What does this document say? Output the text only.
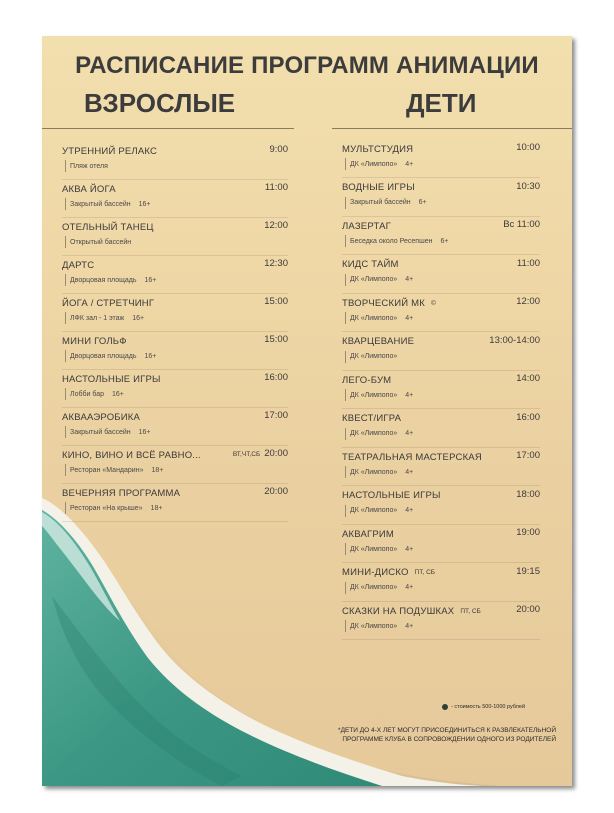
РАСПИСАНИЕ ПРОГРАММ АНИМАЦИИ
ВЗРОСЛЫЕ	ДЕТИ
УТРЕННИЙ РЕЛАКС	9:00
Пляж отеля
АКВА ЙОГА	11:00
Закрытый бассейн 16+
ОТЕЛЬНЫЙ ТАНЕЦ	12:00
Открытый бассейн
ДАРТС	12:30
Дворцовая площадь 16+
ЙОГА / СТРЕТЧИНГ	15:00
ЛФК зал - 1 этаж 16+
МИНИ ГОЛЬФ	15:00
Дворцовая площадь 16+
НАСТОЛЬНЫЕ ИГРЫ	16:00
Лобби бар 16+
АКВААЭРОБИКА	17:00
Закрытый бассейн 16+
КИНО, ВИНО И ВСЁ РАВНО...	ВТ,ЧТ,СБ 20:00
Ресторан «Мандарин» 18+
ВЕЧЕРНЯЯ ПРОГРАММА	20:00
Ресторан «На крыше» 18+
МУЛЬТСТУДИЯ	10:00
ДК «Лимпопо» 4+
ВОДНЫЕ ИГРЫ	10:30
Закрытый бассейн 6+
ЛАЗЕРТАГ	Вс 11:00
Беседка около Ресепшен 6+
КИДС ТАЙМ	11:00
ДК «Лимпопо» 4+
ТВОРЧЕСКИЙ МК ©	12:00
ДК «Лимпопо» 4+
КВАРЦЕВАНИЕ	13:00-14:00
ДК «Лимпопо»
ЛЕГО-БУМ	14:00
ДК «Лимпопо» 4+
КВЕСТ/ИГРА	16:00
ДК «Лимпопо» 4+
ТЕАТРАЛЬНАЯ МАСТЕРСКАЯ	17:00
ДК «Лимпопо» 4+
НАСТОЛЬНЫЕ ИГРЫ	18:00
ДК «Лимпопо» 4+
АКВАГРИМ	19:00
ДК «Лимпопо» 4+
МИНИ-ДИСКО ПТ, СБ	19:15
ДК «Лимпопо» 4+
СКАЗКИ НА ПОДУШКАХ ПТ, СБ	20:00
ДК «Лимпопо» 4+
- стоимость 500-1000 рублей

*ДЕТИ ДО 4-Х ЛЕТ МОГУТ ПРИСОЕДИНИТЬСЯ К РАЗВЛЕКАТЕЛЬНОЙ ПРОГРАММЕ КЛУБА В СОПРОВОЖДЕНИИ ОДНОГО ИЗ РОДИТЕЛЕЙ
